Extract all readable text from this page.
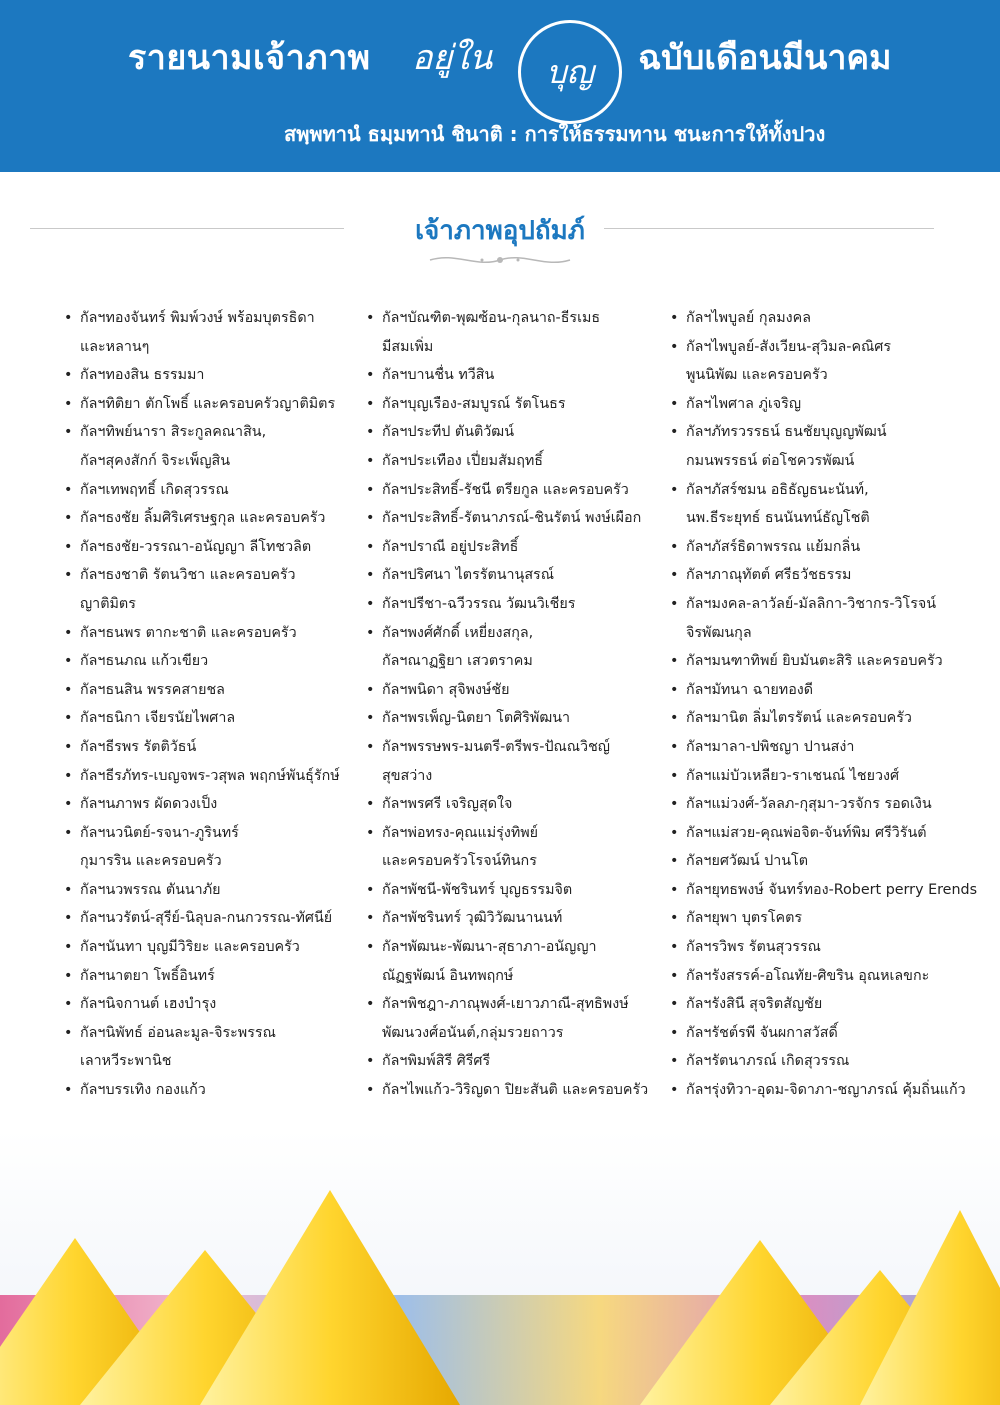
รายนามเจ้าภาพ อยู่ใน	บุญ	ฉบับเดือนมีนาคม
สพฺพทานํ ธมฺมทานํ ชินาติ : การให้ธรรมทาน ชนะการให้ทั้งปวง
เจ้าภาพอุปถัมภ์
• กัลฯทองจันทร์ พิมพ์วงษ์ พร้อมบุตรธิดา
และหลานๆ
• กัลฯทองสิน ธรรมมา
• กัลฯทิติยา ตักโพธิ์ และครอบครัวญาติมิตร
• กัลฯทิพย์นารา สิระกูลคณาสิน,
กัลฯสุคงสักก์ จิระเพ็ญสิน
• กัลฯเทพฤทธิ์ เกิดสุวรรณ
• กัลฯธงชัย ลิ้มศิริเศรษฐกุล และครอบครัว
• กัลฯธงชัย-วรรณา-อนัญญา ลีโทชวลิต
• กัลฯธงชาติ รัตนวิชา และครอบครัว
ญาติมิตร
• กัลฯธนพร ตากะชาติ และครอบครัว
• กัลฯธนภณ แก้วเขียว
• กัลฯธนสิน พรรคสายชล
• กัลฯธนิกา เจียรนัยไพศาล
• กัลฯธีรพร รัตติวัธน์
• กัลฯธีรภัทร-เบญจพร-วสุพล พฤกษ์พันธุ์รักษ์
• กัลฯนภาพร ผัดดวงเป็ง
• กัลฯนวนิตย์-รจนา-ภูรินทร์
กุมารริน และครอบครัว
• กัลฯนวพรรณ ตันนาภัย
• กัลฯนวรัตน์-สุรีย์-นิลุบล-กนกวรรณ-ทัศนีย์
• กัลฯนันทา บุญมีวิริยะ และครอบครัว
• กัลฯนาตยา โพธิ์อินทร์
• กัลฯนิจกานต์ เฮงบำรุง
• กัลฯนิพัทธ์ อ่อนละมูล-จิระพรรณ
เลาหวีระพานิช
• กัลฯบรรเทิง กองแก้ว
• กัลฯบัณฑิต-พุฒซ้อน-กุลนาถ-ธีรเมธ
มีสมเพิ่ม
• กัลฯบานชื่น ทวีสิน
• กัลฯบุญเรือง-สมบูรณ์ รัตโนธร
• กัลฯประทีป ตันติวัฒน์
• กัลฯประเทือง เปี่ยมสัมฤทธิ์
• กัลฯประสิทธิ์-รัชนี ตรียกูล และครอบครัว
• กัลฯประสิทธิ์-รัตนาภรณ์-ชินรัตน์ พงษ์เผือก
• กัลฯปราณี อยู่ประสิทธิ์
• กัลฯปริศนา ไตรรัตนานุสรณ์
• กัลฯปรีชา-ฉวีวรรณ วัฒนวิเชียร
• กัลฯพงศ์ศักดิ์ เหยี่ยงสกุล,
กัลฯณาฏฐิยา เสวตราคม
• กัลฯพนิดา สุจิพงษ์ชัย
• กัลฯพรเพ็ญ-นิตยา โตศิริพัฒนา
• กัลฯพรรษพร-มนตรี-ตรีพร-ปัณณวิชญ์
สุขสว่าง
• กัลฯพรศรี เจริญสุดใจ
• กัลฯพ่อทรง-คุณแม่รุ่งทิพย์
และครอบครัวโรจน์ทินกร
• กัลฯพัชนี-พัชรินทร์ บุญธรรมจิต
• กัลฯพัชรินทร์ วุฒิวิวัฒนานนท์
• กัลฯพัฒนะ-พัฒนา-สุธาภา-อนัญญา
ณัฏฐพัฒน์ อินทพฤกษ์
• กัลฯพิชฎา-ภาณุพงศ์-เยาวภาณี-สุทธิพงษ์
พัฒนวงศ์อนันต์,กลุ่มรวยถาวร
• กัลฯพิมพ์สิรี ศิรีศรี
• กัลฯไพแก้ว-วิริญดา ปิยะสันติ และครอบครัว
• กัลฯไพบูลย์ กุลมงคล
• กัลฯไพบูลย์-สังเวียน-สุวิมล-คณิศร
พูนนิพัฒ และครอบครัว
• กัลฯไพศาล ภู่เจริญ
• กัลฯภัทรวรรธน์ ธนชัยบุญญพัฒน์
กมนพรรธน์ ต่อโชควรพัฒน์
• กัลฯภัสร์ชมน อธิธัญธนะนันท์,
นพ.ธีระยุทธ์ ธนนันทน์ธัญโชติ
• กัลฯภัสร์ธิดาพรรณ แย้มกลิ่น
• กัลฯภาณุทัตต์ ศรีธวัชธรรม
• กัลฯมงคล-ลาวัลย์-มัลลิกา-วิชากร-วิโรจน์
จิรพัฒนกุล
• กัลฯมนฑาทิพย์ ยิบมันตะสิริ และครอบครัว
• กัลฯมัทนา ฉายทองดี
• กัลฯมานิต ลิ่มไตรรัตน์ และครอบครัว
• กัลฯมาลา-ปพิชญา ปานสง่า
• กัลฯแม่บัวเหลียว-ราเชนณ์ ไชยวงศ์
• กัลฯแม่วงศ์-วัลลภ-กุสุมา-วรจักร รอดเงิน
• กัลฯแม่สวย-คุณพ่อจิต-จันท์พิม ศรีวิรันต์
• กัลฯยศวัฒน์ ปานโต
• กัลฯยุทธพงษ์ จันทร์ทอง-Robert perry Erends
• กัลฯยุพา บุตรโคตร
• กัลฯรวิพร รัตนสุวรรณ
• กัลฯรังสรรค์-อโณทัย-ศิขริน อุณหเลขกะ
• กัลฯรังสินี สุจริตสัญชัย
• กัลฯรัชต์รพี จันผกาสวัสดิ์
• กัลฯรัตนาภรณ์ เกิดสุวรรณ
• กัลฯรุ่งทิวา-อุดม-จิดาภา-ชญาภรณ์ คุ้มถิ่นแก้ว
